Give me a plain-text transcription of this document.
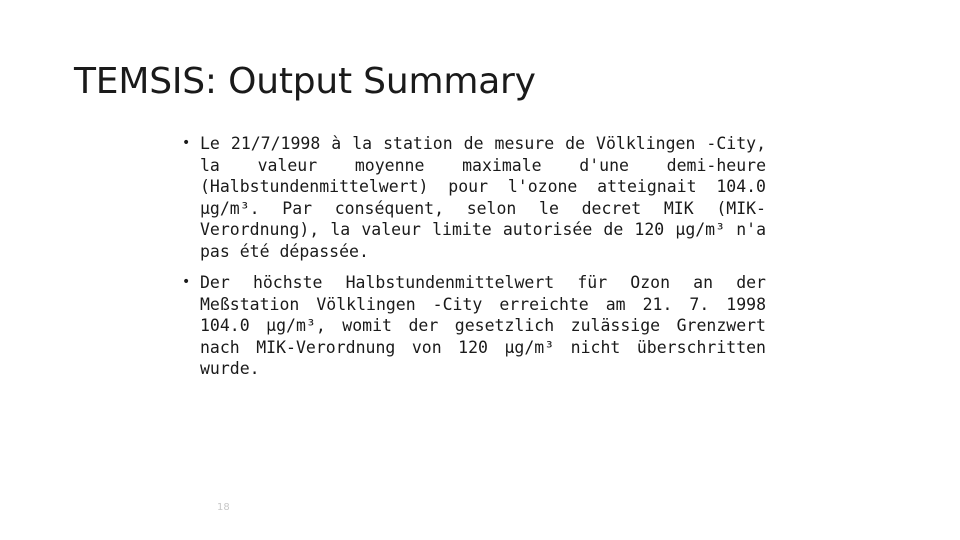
TEMSIS: Output Summary
• Le 21/7/1998 à la station de mesure de Völklingen -City, la valeur moyenne maximale d'une demi-heure (Halbstundenmittelwert) pour l'ozone atteignait 104.0 µg/m³. Par conséquent, selon le decret MIK (MIK-Verordnung), la valeur limite autorisée de 120 µg/m³ n'a pas été dépassée.
• Der höchste Halbstundenmittelwert für Ozon an der Meßstation Völklingen -City erreichte am 21. 7. 1998 104.0 µg/m³, womit der gesetzlich zulässige Grenzwert nach MIK-Verordnung von 120 µg/m³ nicht überschritten wurde.
18
